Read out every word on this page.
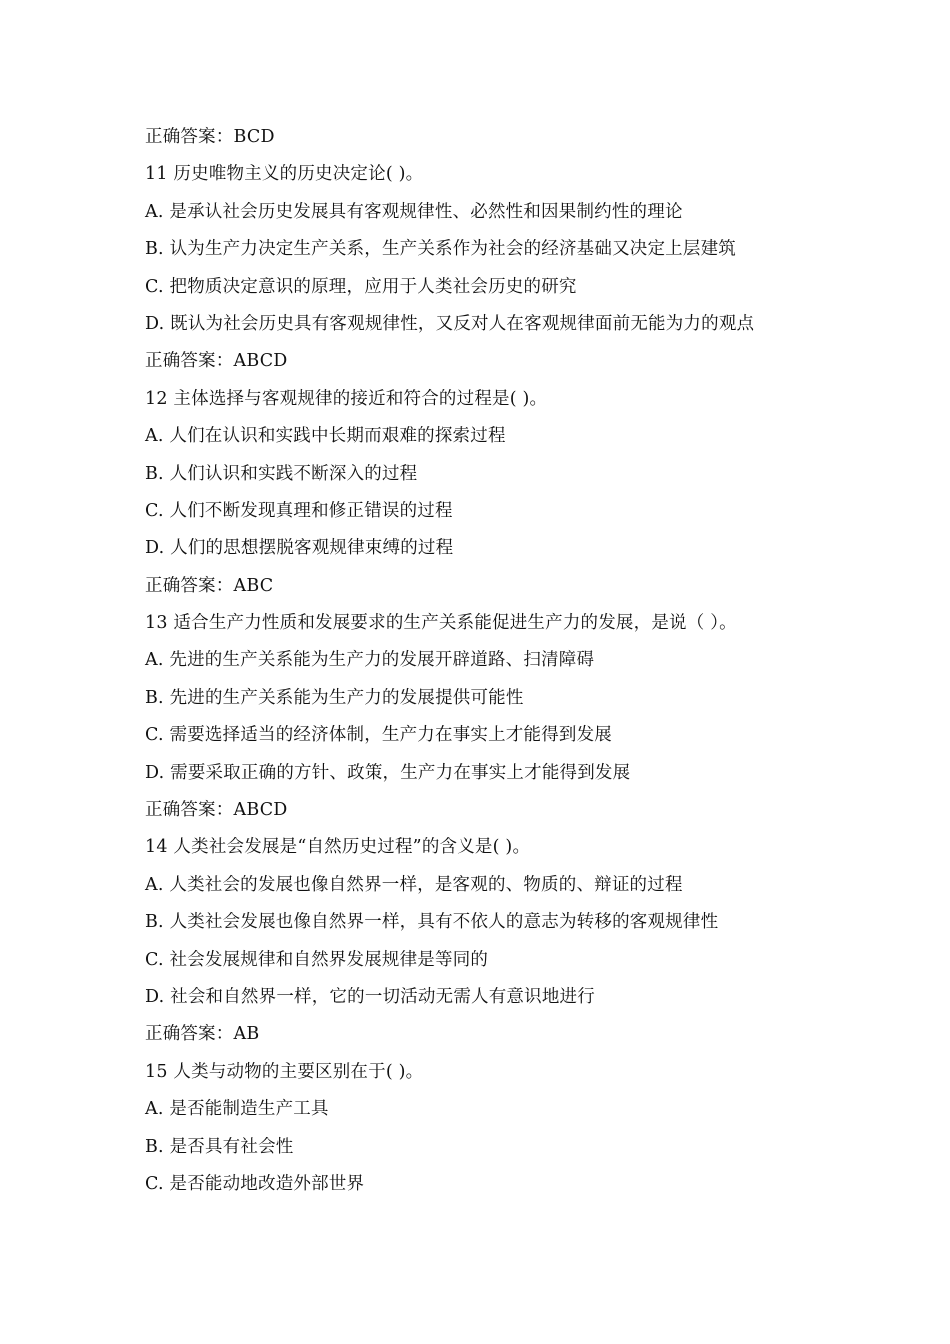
正确答案：BCD
11 历史唯物主义的历史决定论( )。
A. 是承认社会历史发展具有客观规律性、必然性和因果制约性的理论
B. 认为生产力决定生产关系，生产关系作为社会的经济基础又决定上层建筑
C. 把物质决定意识的原理，应用于人类社会历史的研究
D. 既认为社会历史具有客观规律性，又反对人在客观规律面前无能为力的观点
正确答案：ABCD
12 主体选择与客观规律的接近和符合的过程是( )。
A. 人们在认识和实践中长期而艰难的探索过程
B. 人们认识和实践不断深入的过程
C. 人们不断发现真理和修正错误的过程
D. 人们的思想摆脱客观规律束缚的过程
正确答案：ABC
13 适合生产力性质和发展要求的生产关系能促进生产力的发展，是说（ ）。
A. 先进的生产关系能为生产力的发展开辟道路、扫清障碍
B. 先进的生产关系能为生产力的发展提供可能性
C. 需要选择适当的经济体制，生产力在事实上才能得到发展
D. 需要采取正确的方针、政策，生产力在事实上才能得到发展
正确答案：ABCD
14 人类社会发展是“自然历史过程”的含义是( )。
A. 人类社会的发展也像自然界一样，是客观的、物质的、辩证的过程
B. 人类社会发展也像自然界一样，具有不依人的意志为转移的客观规律性
C. 社会发展规律和自然界发展规律是等同的
D. 社会和自然界一样，它的一切活动无需人有意识地进行
正确答案：AB
15 人类与动物的主要区别在于( )。
A. 是否能制造生产工具
B. 是否具有社会性
C. 是否能动地改造外部世界
